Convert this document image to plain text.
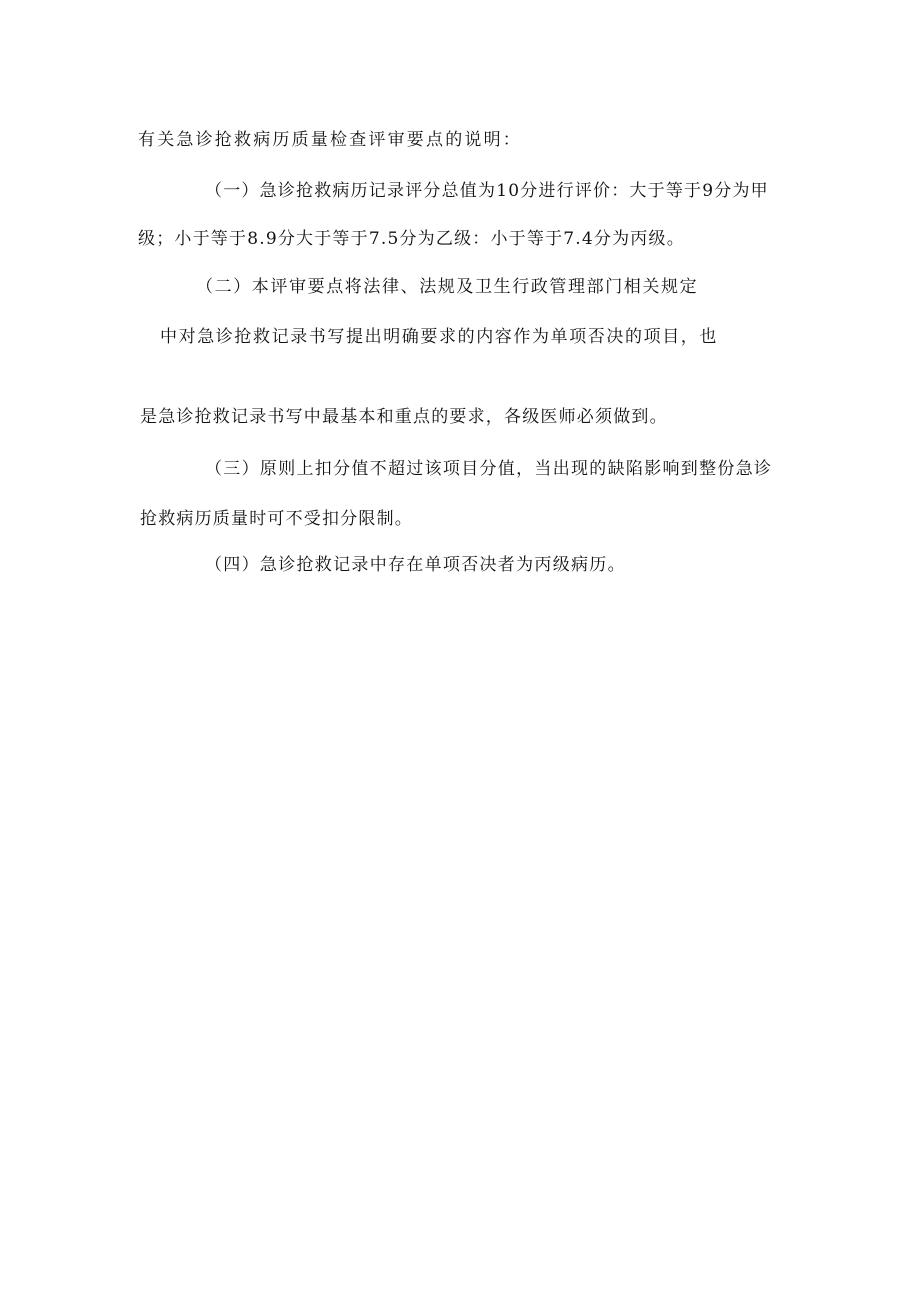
有关急诊抢救病历质量检查评审要点的说明：
（一）急诊抢救病历记录评分总值为10分进行评价：大于等于9分为甲
级；小于等于8.9分大于等于7.5分为乙级：小于等于7.4分为丙级。
（二）本评审要点将法律、法规及卫生行政管理部门相关规定
中对急诊抢救记录书写提出明确要求的内容作为单项否决的项目，也
是急诊抢救记录书写中最基本和重点的要求，各级医师必须做到。
（三）原则上扣分值不超过该项目分值，当出现的缺陷影响到整份急诊
抢救病历质量时可不受扣分限制。
（四）急诊抢救记录中存在单项否决者为丙级病历。
